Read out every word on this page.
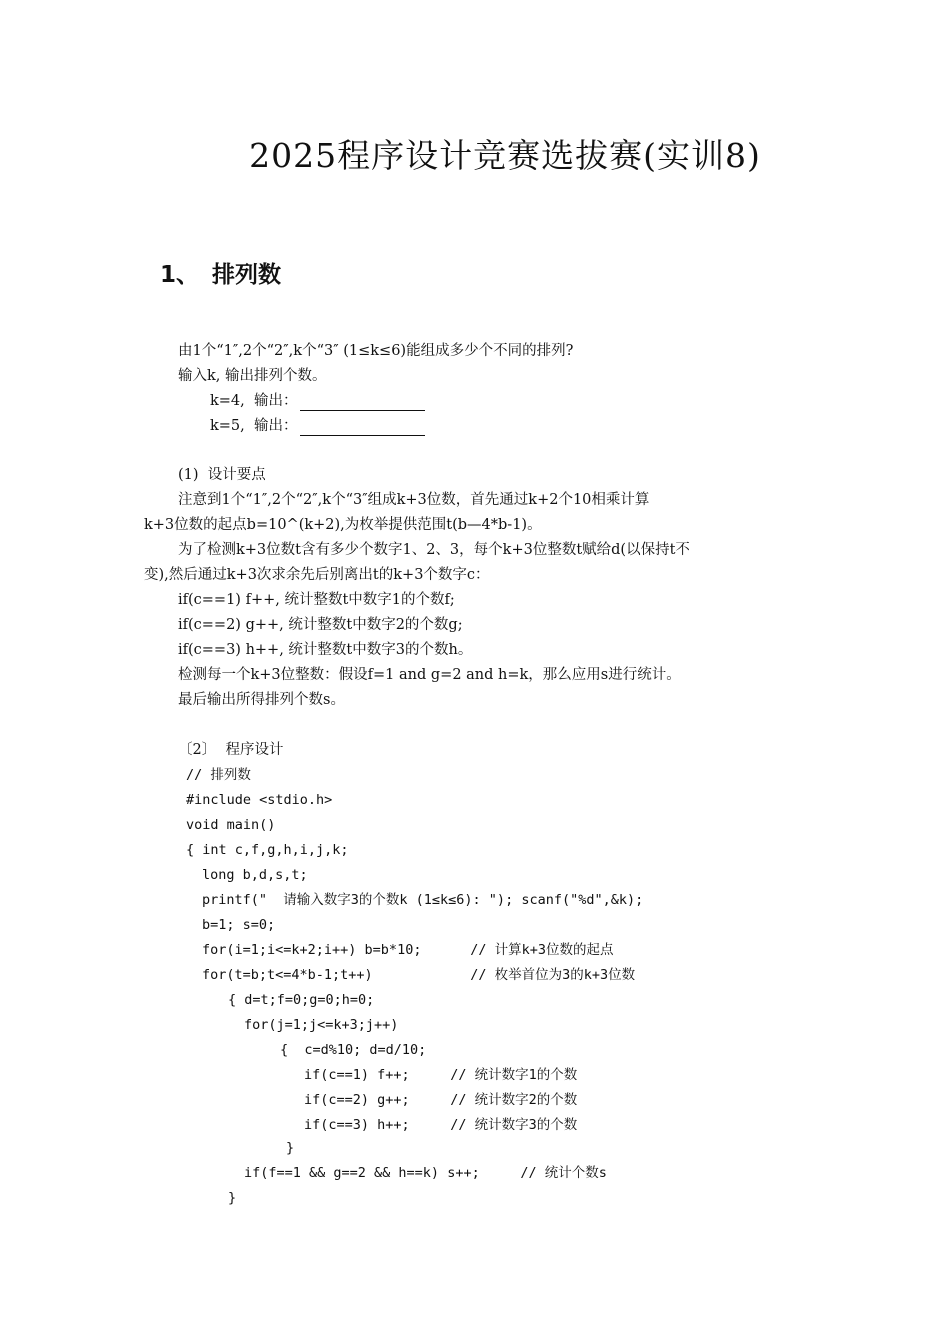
2025程序设计竞赛选拔赛(实训8)
1、 排列数
由1个“1″,2个“2″,k个“3″ (1≤k≤6)能组成多少个不同的排列?
输入k, 输出排列个数。
k=4,  输出：
k=5,  输出：
(1)  设计要点
注意到1个“1″,2个“2″,k个“3″组成k+3位数，首先通过k+2个10相乘计算
k+3位数的起点b=10^(k+2),为枚举提供范围t(b—4*b-1)。
为了检测k+3位数t含有多少个数字1、2、3，每个k+3位整数t赋给d(以保持t不
变),然后通过k+3次求余先后别离出t的k+3个数字c：
if(c==1) f++, 统计整数t中数字1的个数f;
if(c==2) g++, 统计整数t中数字2的个数g;
if(c==3) h++, 统计整数t中数字3的个数h。
检测每一个k+3位整数：假设f=1 and g=2 and h=k，那么应用s进行统计。
最后输出所得排列个数s。
〔2〕  程序设计
// 排列数
#include <stdio.h>
void main()
{ int c,f,g,h,i,j,k;
long b,d,s,t;
printf("  请输入数字3的个数k (1≤k≤6): "); scanf("%d",&k);
b=1; s=0;
for(i=1;i<=k+2;i++) b=b*10;      // 计算k+3位数的起点
for(t=b;t<=4*b-1;t++)            // 枚举首位为3的k+3位数
{ d=t;f=0;g=0;h=0;
for(j=1;j<=k+3;j++)
{  c=d%10; d=d/10;
if(c==1) f++;     // 统计数字1的个数
if(c==2) g++;     // 统计数字2的个数
if(c==3) h++;     // 统计数字3的个数
}
if(f==1 && g==2 && h==k) s++;     // 统计个数s
}
